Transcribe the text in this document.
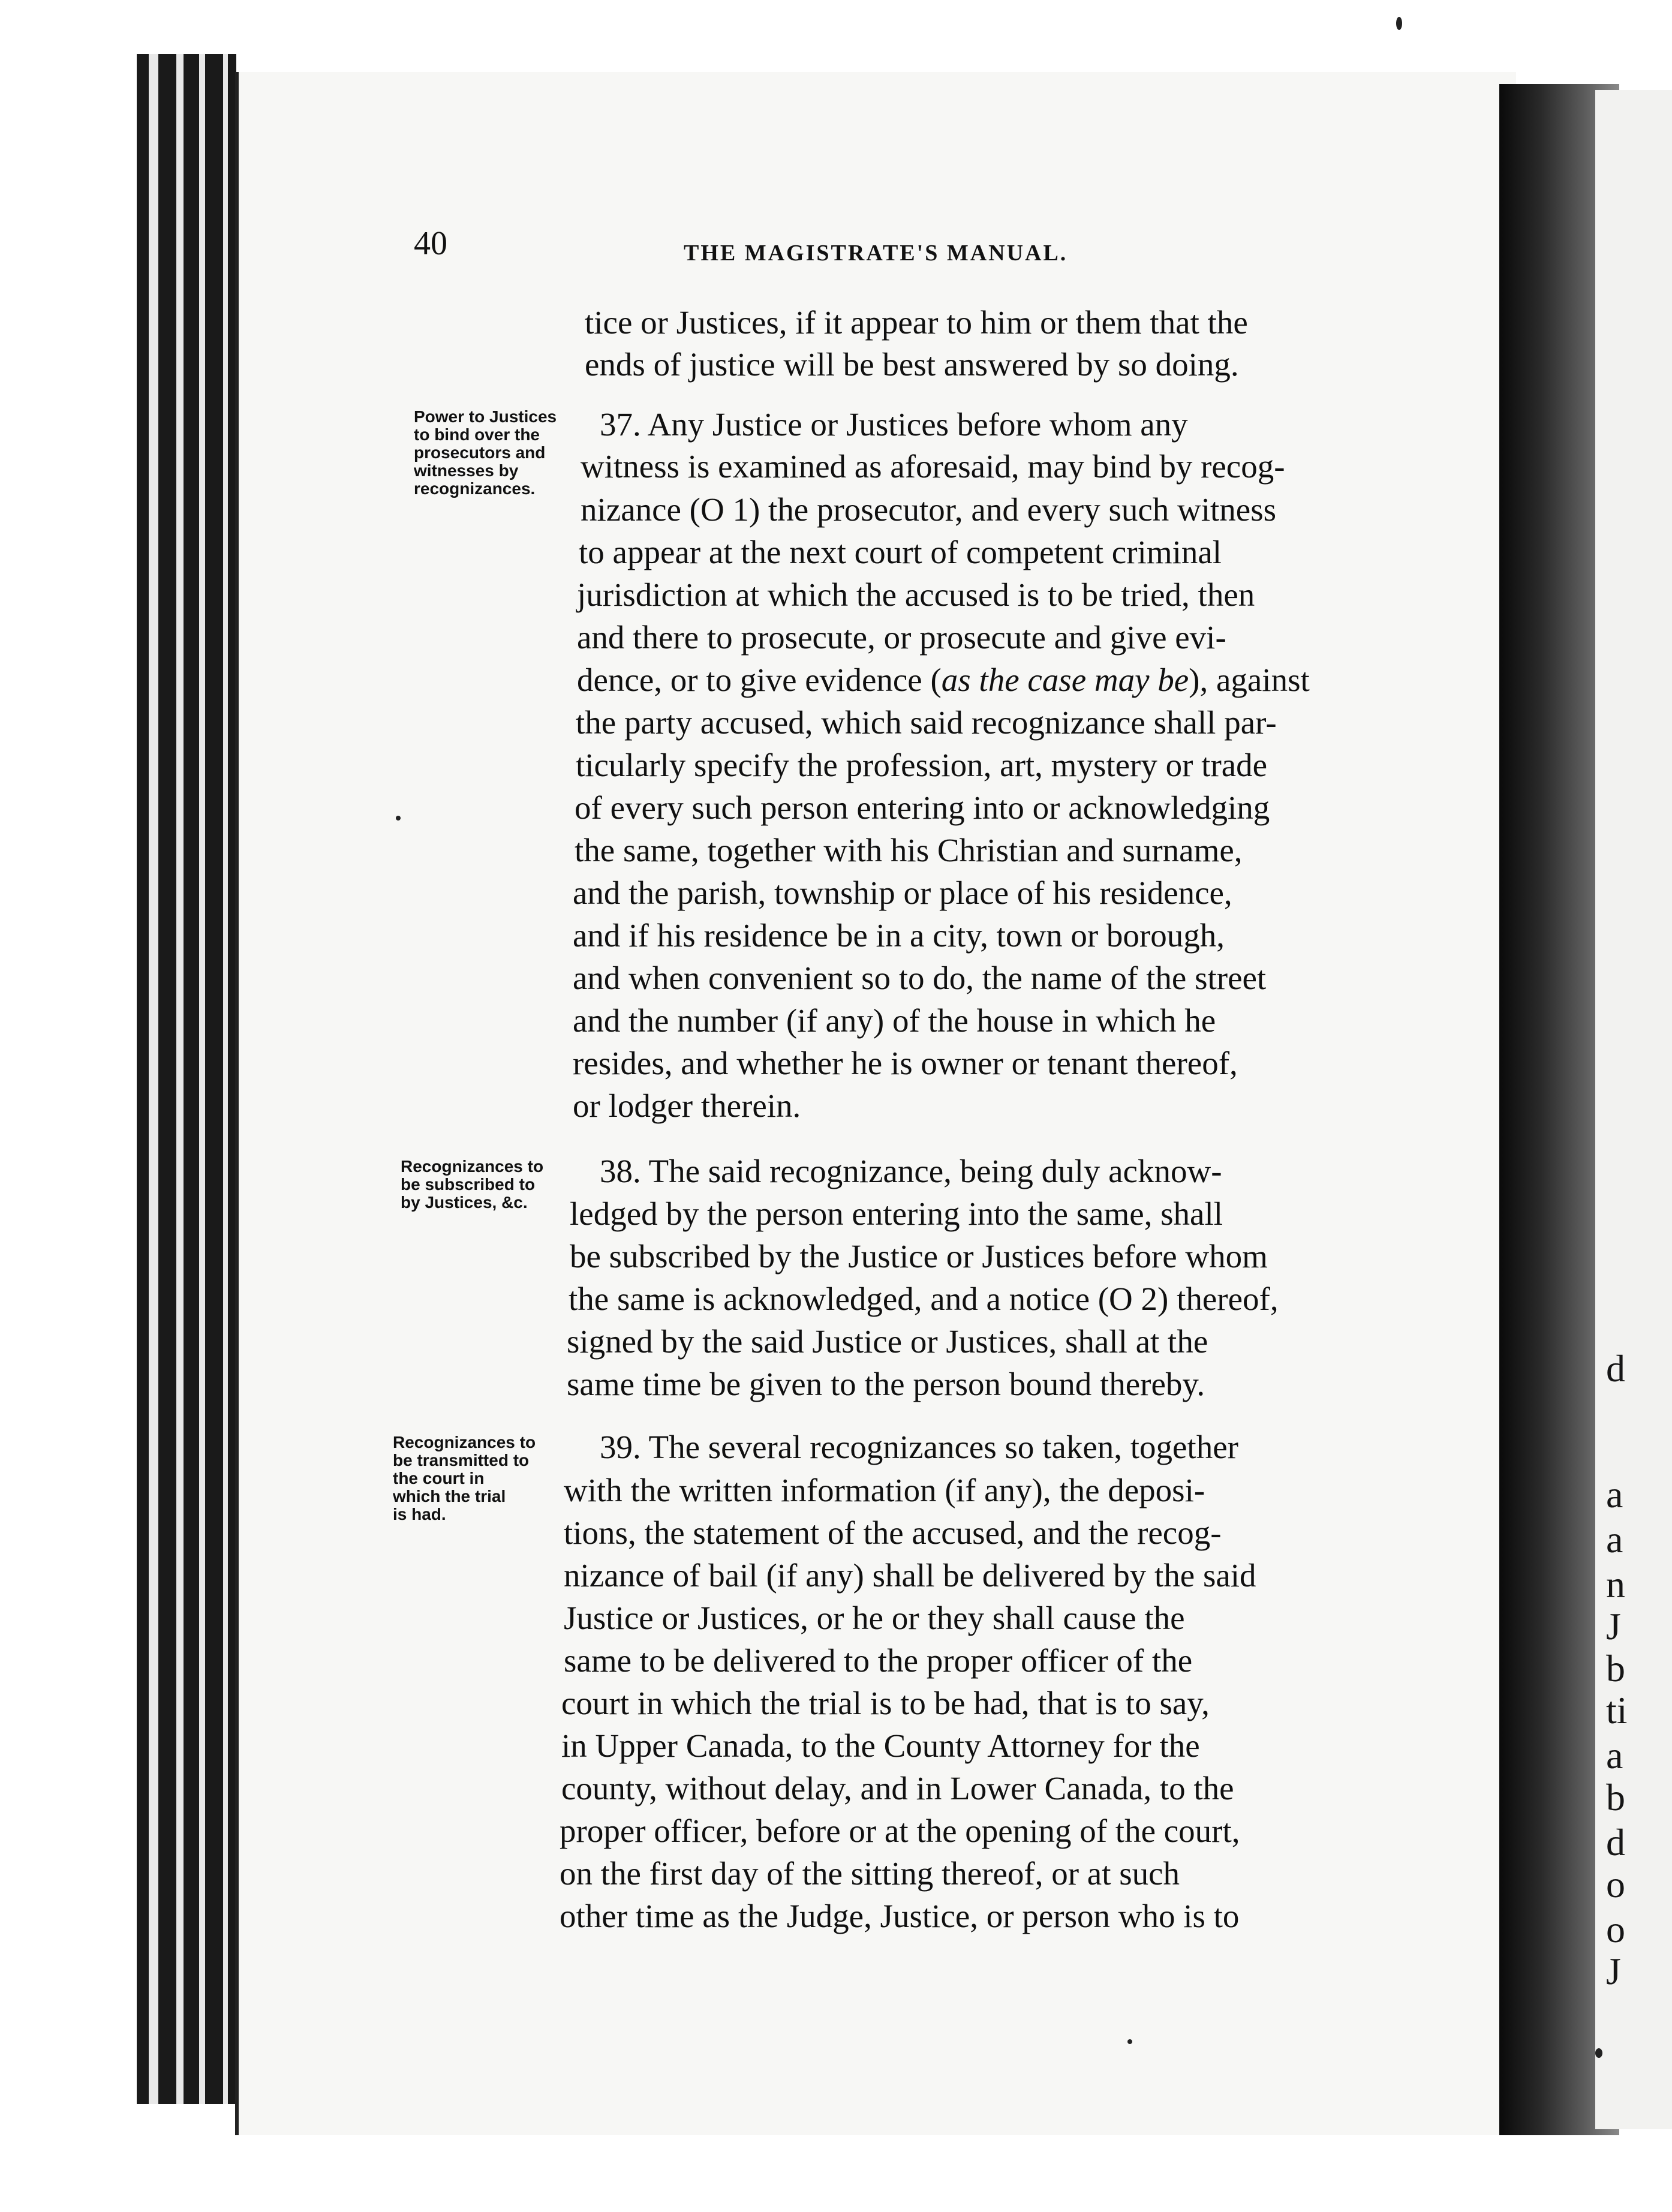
d
a
a
n
J
b
ti
a
b
d
o
o
J
40	THE MAGISTRATE'S MANUAL.
tice or Justices, if it appear to him or them that the
ends of justice will be best answered by so doing.
Power to Justices
to bind over the
prosecutors and
witnesses by
recognizances.
37. Any Justice or Justices before whom any
witness is examined as aforesaid, may bind by recog-
nizance (O 1) the prosecutor, and every such witness
to appear at the next court of competent criminal
jurisdiction at which the accused is to be tried, then
and there to prosecute, or prosecute and give evi-
dence, or to give evidence (as the case may be), against
the party accused, which said recognizance shall par-
ticularly specify the profession, art, mystery or trade
of every such person entering into or acknowledging
the same, together with his Christian and surname,
and the parish, township or place of his residence,
and if his residence be in a city, town or borough,
and when convenient so to do, the name of the street
and the number (if any) of the house in which he
resides, and whether he is owner or tenant thereof,
or lodger therein.
Recognizances to
be subscribed to
by Justices, &c.
38. The said recognizance, being duly acknow-
ledged by the person entering into the same, shall
be subscribed by the Justice or Justices before whom
the same is acknowledged, and a notice (O 2) thereof,
signed by the said Justice or Justices, shall at the
same time be given to the person bound thereby.
Recognizances to
be transmitted to
the court in
which the trial
is had.
39. The several recognizances so taken, together
with the written information (if any), the deposi-
tions, the statement of the accused, and the recog-
nizance of bail (if any) shall be delivered by the said
Justice or Justices, or he or they shall cause the
same to be delivered to the proper officer of the
court in which the trial is to be had, that is to say,
in Upper Canada, to the County Attorney for the
county, without delay, and in Lower Canada, to the
proper officer, before or at the opening of the court,
on the first day of the sitting thereof, or at such
other time as the Judge, Justice, or person who is to
